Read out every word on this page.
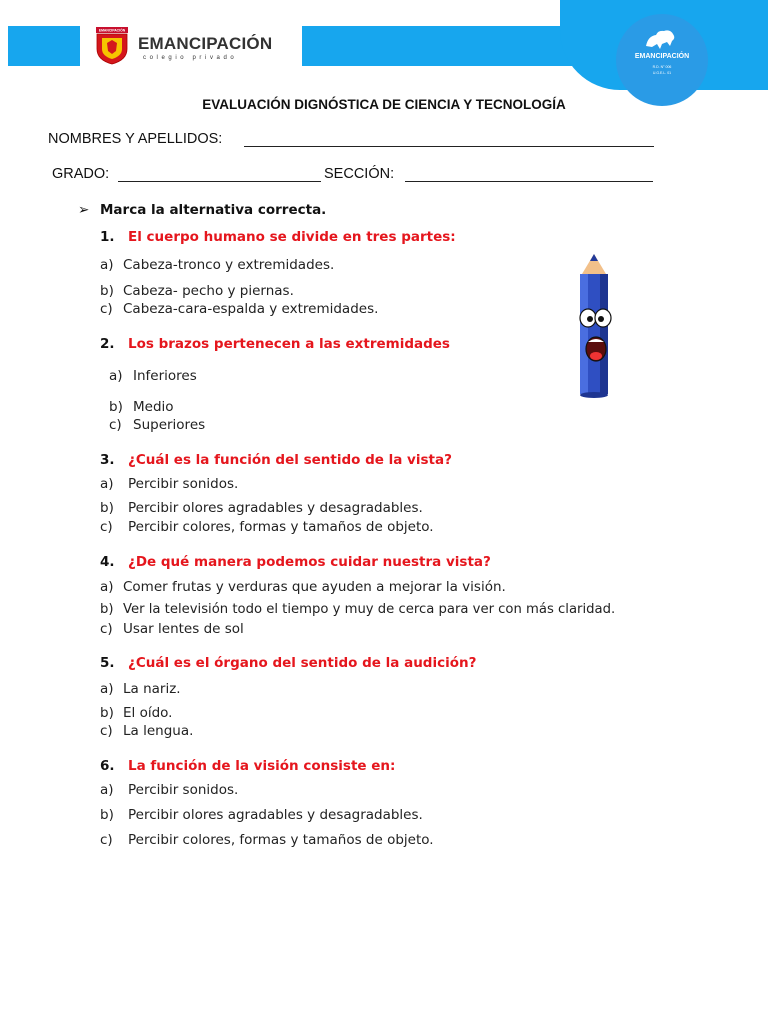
EMANCIPACIÓN
EMANCIPACIÓN
colegio privado	EMANCIPACIÓN
R.D. N° 006
U.G.E.L. 01
EVALUACIÓN DIGNÓSTICA DE CIENCIA Y TECNOLOGÍA
NOMBRES Y APELLIDOS:
GRADO:	SECCIÓN:
➢ Marca la alternativa correcta.
1. El cuerpo humano se divide en tres partes:
a) Cabeza-tronco y extremidades.
b) Cabeza- pecho y piernas.
c) Cabeza-cara-espalda y extremidades.
2. Los brazos pertenecen a las extremidades
a) Inferiores
b) Medio
c) Superiores
3. ¿Cuál es la función del sentido de la vista?
a) Percibir sonidos.
b) Percibir olores agradables y desagradables.
c) Percibir colores, formas y tamaños de objeto.
4. ¿De qué manera podemos cuidar nuestra vista?
a) Comer frutas y verduras que ayuden a mejorar la visión.
b) Ver la televisión todo el tiempo y muy de cerca para ver con más claridad.
c) Usar lentes de sol
5. ¿Cuál es el órgano del sentido de la audición?
a) La nariz.
b) El oído.
c) La lengua.
6. La función de la visión consiste en:
a) Percibir sonidos.
b) Percibir olores agradables y desagradables.
c) Percibir colores, formas y tamaños de objeto.
